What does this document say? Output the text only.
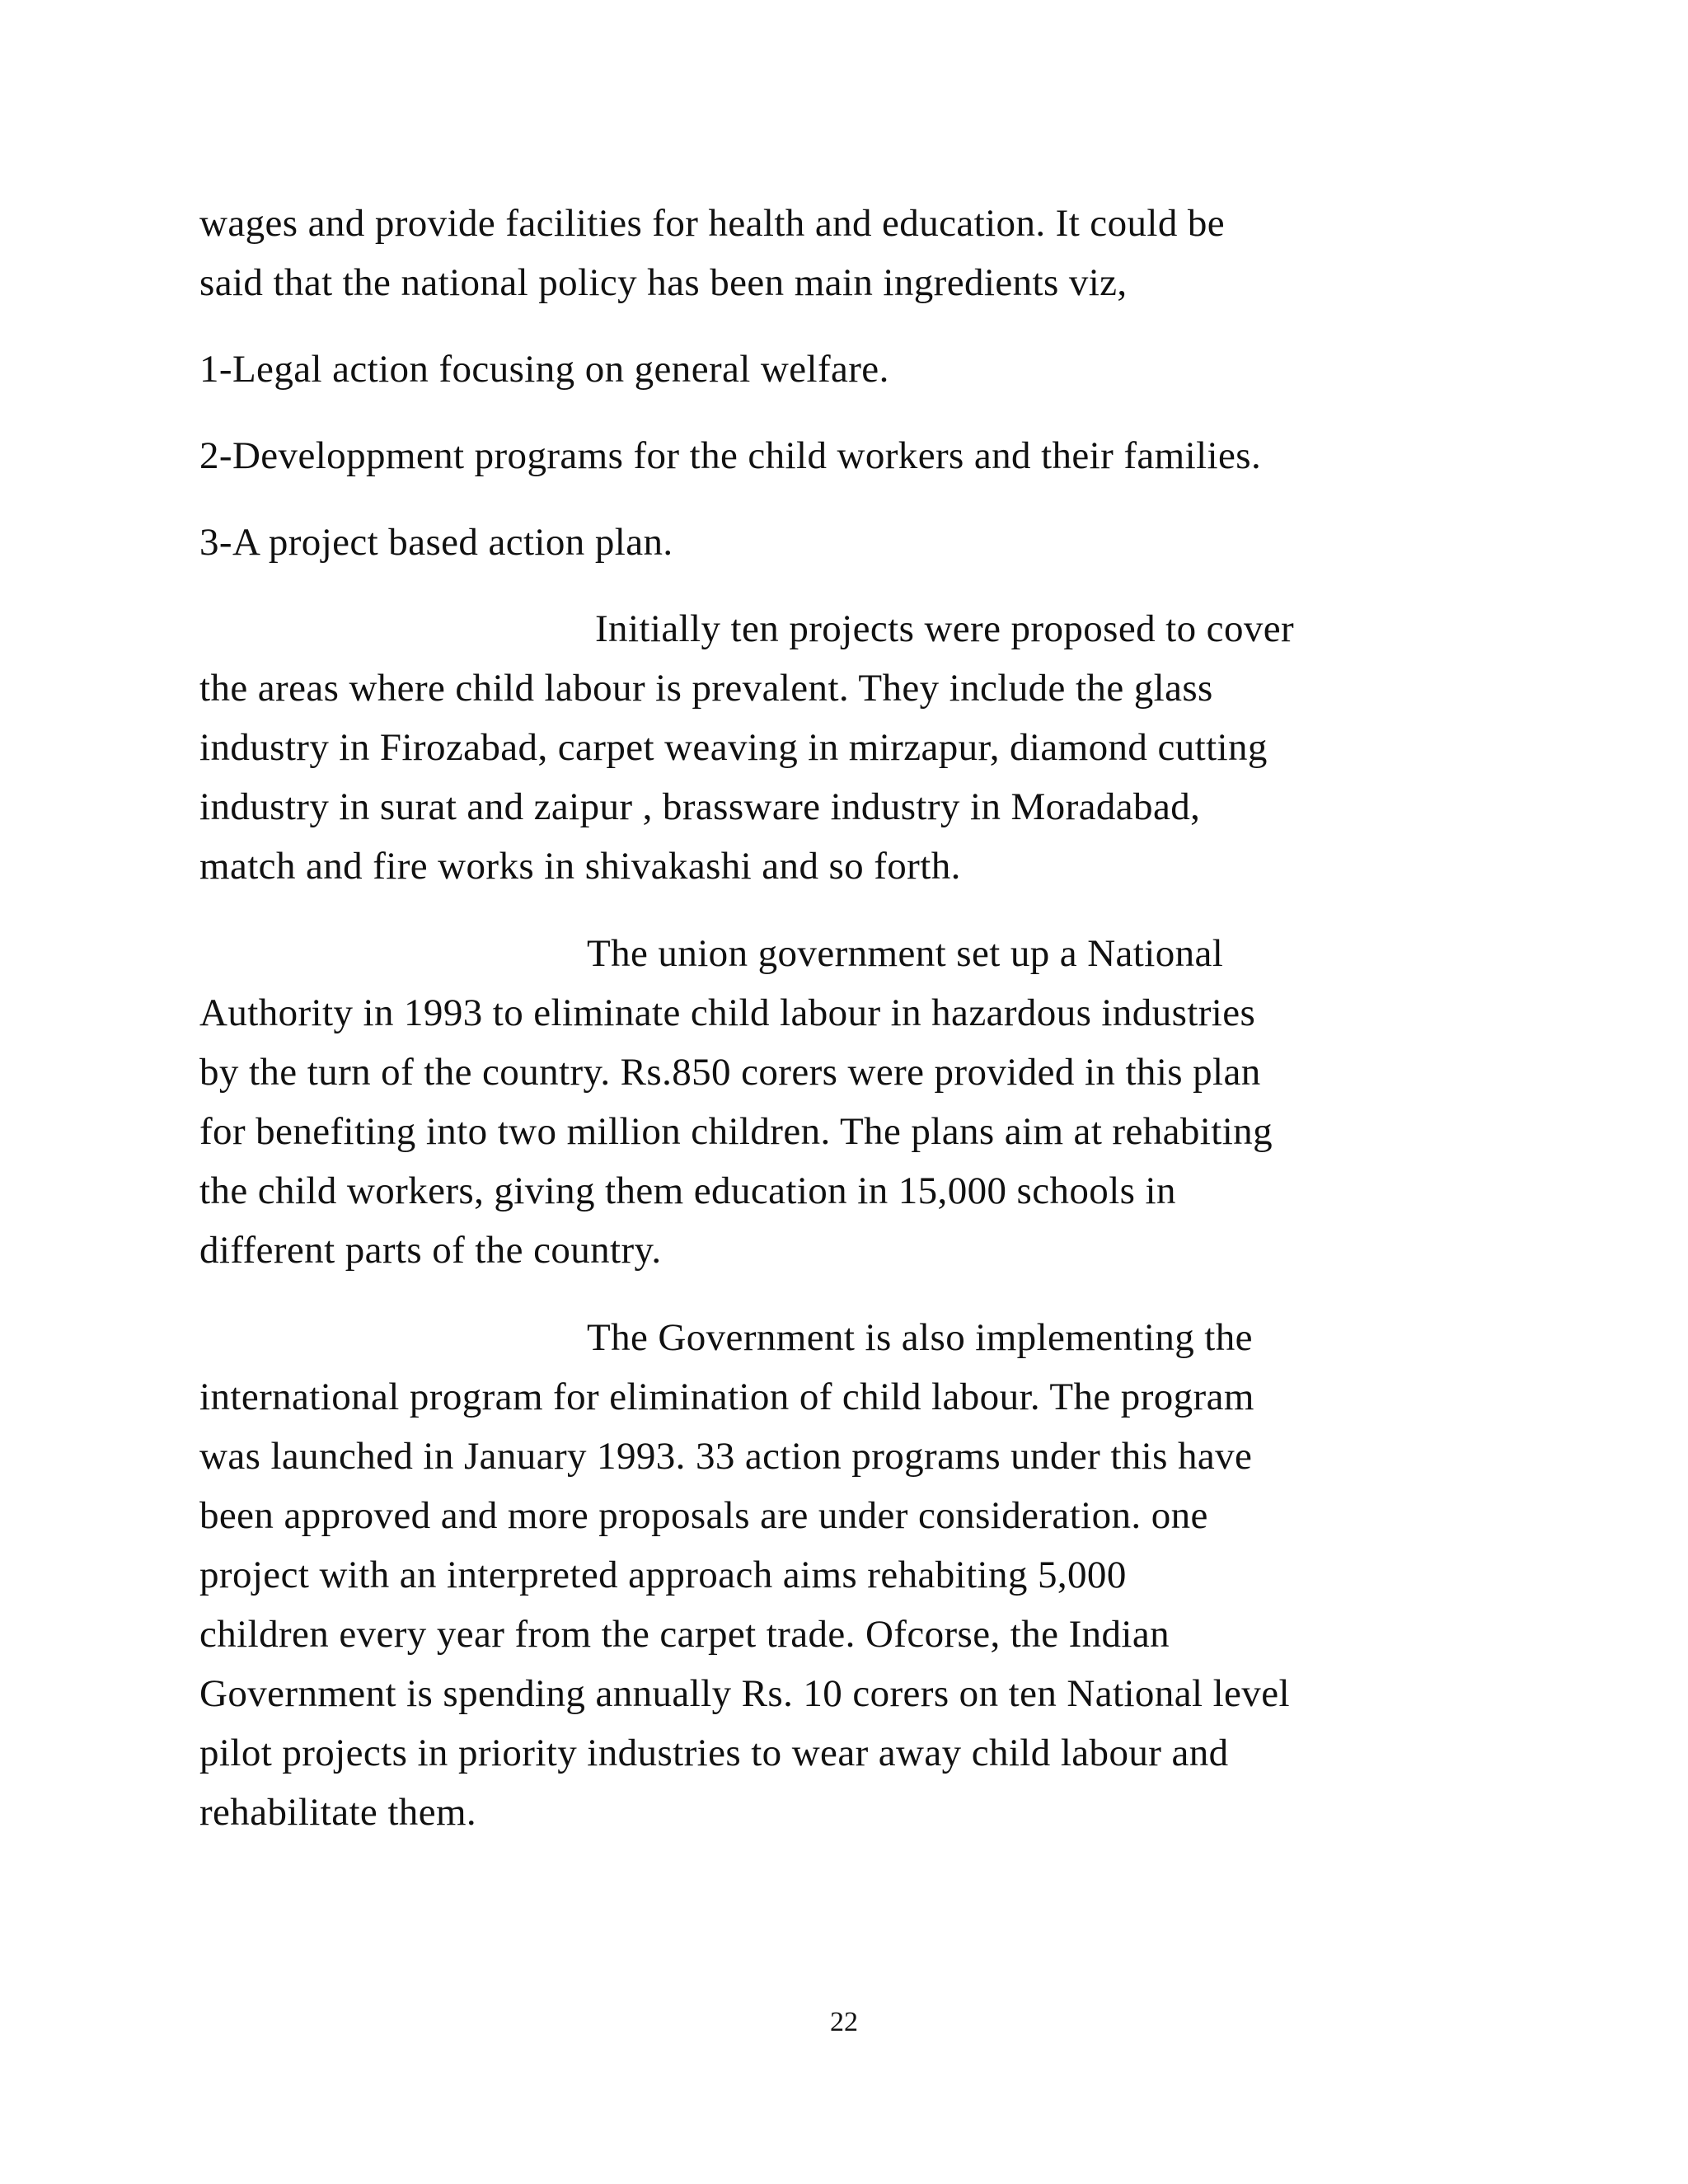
wages and provide facilities for health and education. It could be
said that the national policy has been main ingredients viz,

1-Legal action focusing on general welfare.

2-Developpment programs for the child workers and their families.

3-A project based action plan.

Initially ten projects were proposed to cover
the areas where child labour is prevalent. They include the glass
industry in Firozabad, carpet weaving in mirzapur, diamond cutting
industry in surat and zaipur , brassware industry in Moradabad,
match and fire works in shivakashi and so forth.

The union government set up a National
Authority in 1993 to eliminate child labour in hazardous industries
by the turn of the country. Rs.850 corers were provided in this plan
for benefiting into two million children. The plans aim at rehabiting
the child workers, giving them education in 15,000 schools in
different parts of the country.

The Government is also implementing the
international program for elimination of child labour. The program
was launched in January 1993. 33 action programs under this have
been approved and more proposals are under consideration. one
project with an interpreted approach aims rehabiting 5,000
children every year from the carpet trade. Ofcorse, the Indian
Government is spending annually Rs. 10 corers on ten National level
pilot projects in priority industries to wear away child labour and
rehabilitate them.

22
